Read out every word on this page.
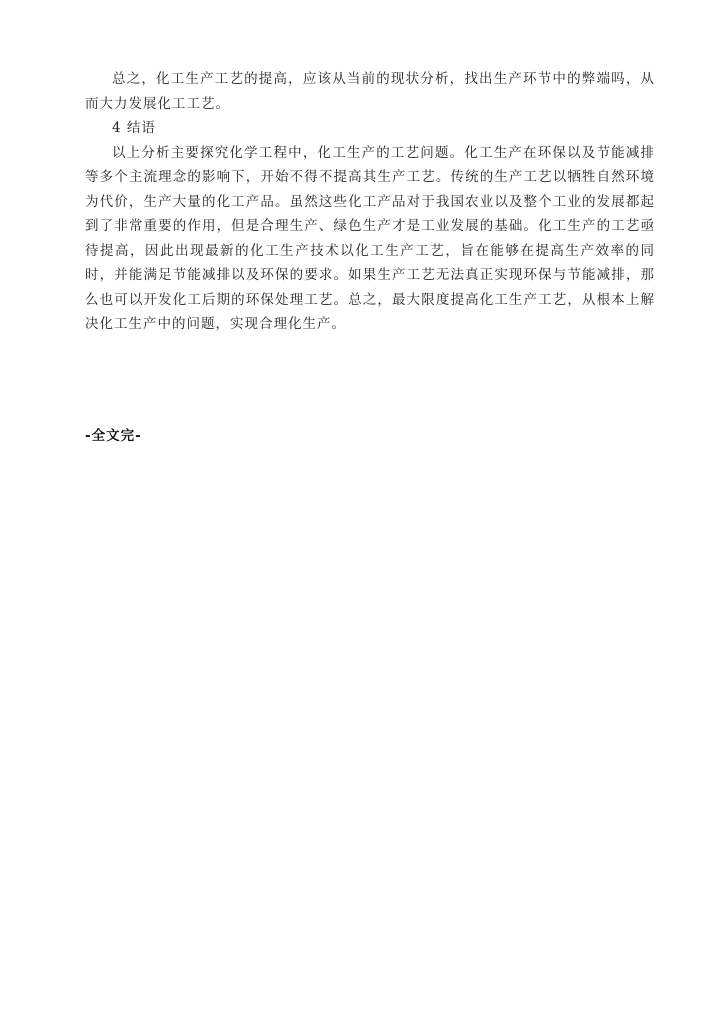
总之，化工生产工艺的提高，应该从当前的现状分析，找出生产环节中的弊端吗，从而大力发展化工工艺。

4 结语

以上分析主要探究化学工程中，化工生产的工艺问题。化工生产在环保以及节能减排等多个主流理念的影响下，开始不得不提高其生产工艺。传统的生产工艺以牺牲自然环境为代价，生产大量的化工产品。虽然这些化工产品对于我国农业以及整个工业的发展都起到了非常重要的作用，但是合理生产、绿色生产才是工业发展的基础。化工生产的工艺亟待提高，因此出现最新的化工生产技术以化工生产工艺，旨在能够在提高生产效率的同时，并能满足节能减排以及环保的要求。如果生产工艺无法真正实现环保与节能减排，那么也可以开发化工后期的环保处理工艺。总之，最大限度提高化工生产工艺，从根本上解决化工生产中的问题，实现合理化生产。

-全文完-
